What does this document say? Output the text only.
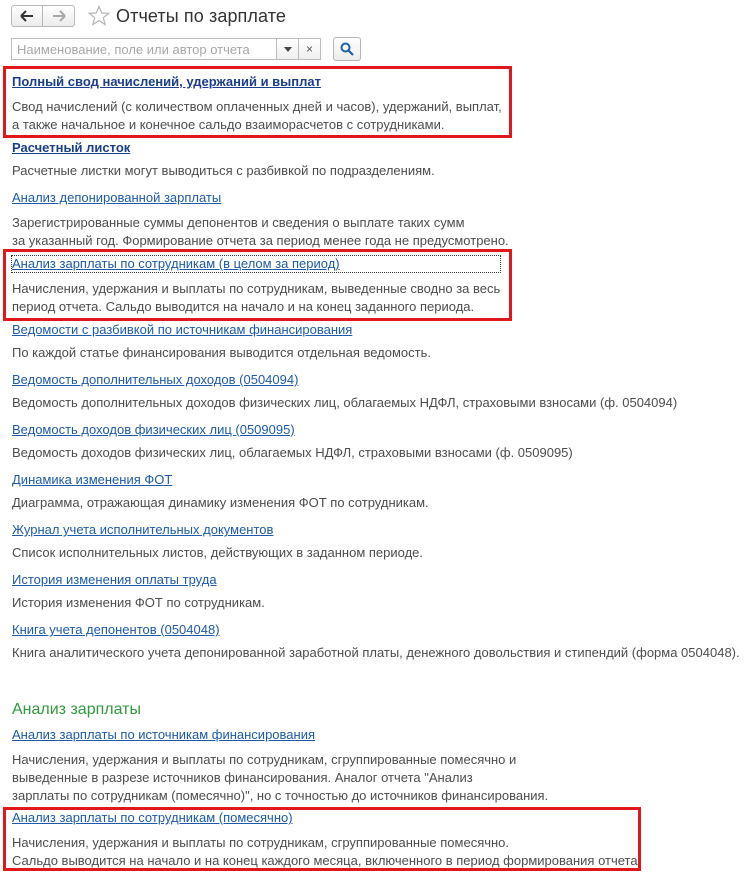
Отчеты по зарплате
Наименование, поле или автор отчета
×
Полный свод начислений, удержаний и выплат
Свод начислений (с количеством оплаченных дней и часов), удержаний, выплат,
а также начальное и конечное сальдо взаиморасчетов с сотрудниками.
Расчетный листок
Расчетные листки могут выводиться с разбивкой по подразделениям.
Анализ депонированной зарплаты
Зарегистрированные суммы депонентов и сведения о выплате таких сумм
за указанный год. Формирование отчета за период менее года не предусмотрено.
Анализ зарплаты по сотрудникам (в целом за период)
Начисления, удержания и выплаты по сотрудникам, выведенные сводно за весь
период отчета. Сальдо выводится на начало и на конец заданного периода.
Ведомости с разбивкой по источникам финансирования
По каждой статье финансирования выводится отдельная ведомость.
Ведомость дополнительных доходов (0504094)
Ведомость дополнительных доходов физических лиц, облагаемых НДФЛ, страховыми взносами (ф. 0504094)
Ведомость доходов физических лиц (0509095)
Ведомость доходов физических лиц, облагаемых НДФЛ, страховыми взносами (ф. 0509095)
Динамика изменения ФОТ
Диаграмма, отражающая динамику изменения ФОТ по сотрудникам.
Журнал учета исполнительных документов
Список исполнительных листов, действующих в заданном периоде.
История изменения оплаты труда
История изменения ФОТ по сотрудникам.
Книга учета депонентов (0504048)
Книга аналитического учета депонированной заработной платы, денежного довольствия и стипендий (форма 0504048).
Анализ зарплаты
Анализ зарплаты по источникам финансирования
Начисления, удержания и выплаты по сотрудникам, сгруппированные помесячно и
выведенные в разрезе источников финансирования. Аналог отчета "Анализ
зарплаты по сотрудникам (помесячно)", но с точностью до источников финансирования.
Анализ зарплаты по сотрудникам (помесячно)
Начисления, удержания и выплаты по сотрудникам, сгруппированные помесячно.
Сальдо выводится на начало и на конец каждого месяца, включенного в период формирования отчета.
